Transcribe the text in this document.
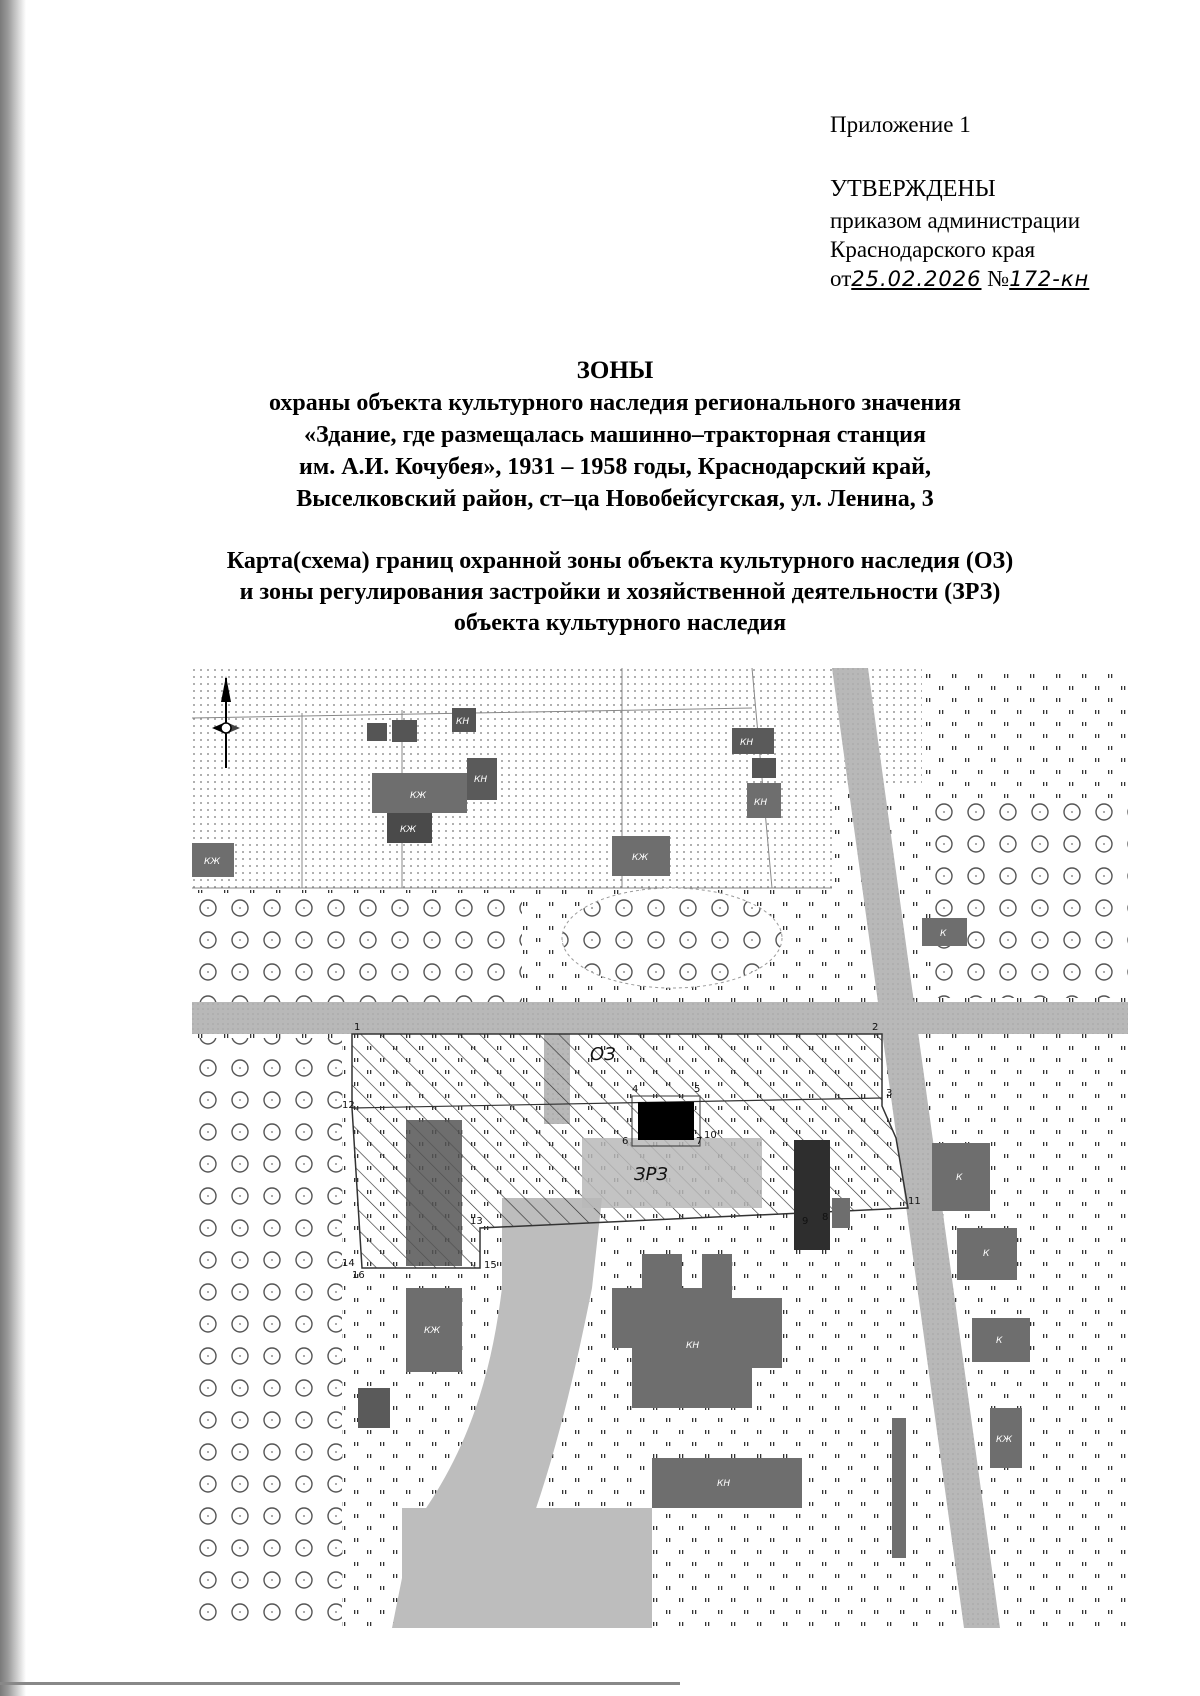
Приложение 1
УТВЕРЖДЕНЫ
приказом администрации
Краснодарского края
от25.02.2026 №172-кн
ЗОНЫ
охраны объекта культурного наследия регионального значения
«Здание, где размещалась машинно–тракторная станция
им. А.И. Кочубея», 1931 – 1958 годы, Краснодарский край,
Выселковский район, ст–ца Новобейсугская, ул. Ленина, 3
Карта(схема) границ охранной зоны объекта культурного наследия (ОЗ)
и зоны регулирования застройки и хозяйственной деятельности (ЗРЗ)
объекта культурного наследия
КЖ
КЖ
КН
КЖ
КН
КЖ
КН
КН
К
КЖ
КН
КН
К
К
К
КЖ
ОЗ
ЗРЗ
1	2
3
4	5
6	7
8
9
10
11
12
13
14	15
16
